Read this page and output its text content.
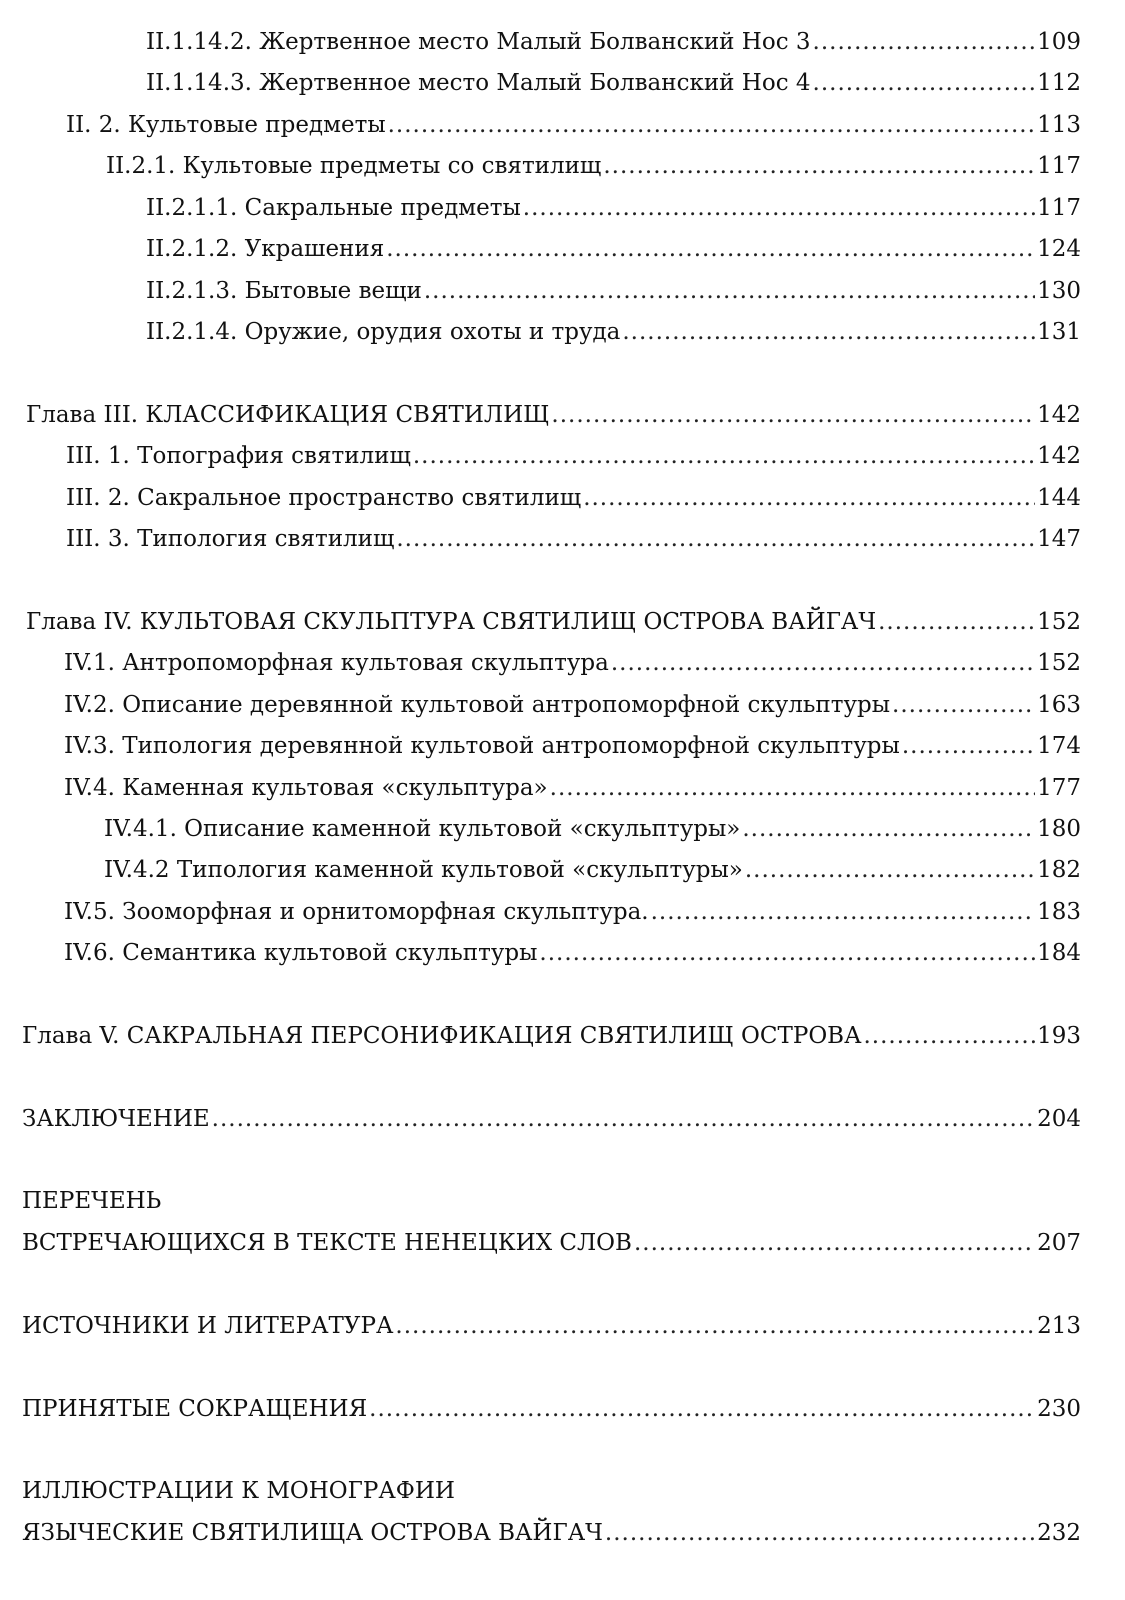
II.1.14.2. Жертвенное место Малый Болванский Нос 3 .....	109
II.1.14.3. Жертвенное место Малый Болванский Нос 4 .....	112
II. 2. Культовые предметы .....	113
II.2.1. Культовые предметы со святилищ .....	117
II.2.1.1. Сакральные предметы .....	117
II.2.1.2. Украшения .....	124
II.2.1.3. Бытовые вещи .....	130
II.2.1.4. Оружие, орудия охоты и труда .....	131
Глава III. КЛАССИФИКАЦИЯ СВЯТИЛИЩ .....	142
III. 1. Топография святилищ .....	142
III. 2. Сакральное пространство святилищ .....	144
III. 3. Типология святилищ .....	147
Глава IV. КУЛЬТОВАЯ СКУЛЬПТУРА СВЯТИЛИЩ ОСТРОВА ВАЙГАЧ .....	152
IV.1. Антропоморфная культовая скульптура .....	152
IV.2. Описание деревянной культовой антропоморфной скульптуры .....	163
IV.3. Типология деревянной культовой антропоморфной скульптуры .....	174
IV.4. Каменная культовая «скульптура» .....	177
IV.4.1. Описание каменной культовой «скульптуры» .....	180
IV.4.2 Типология каменной культовой «скульптуры» .....	182
IV.5. Зооморфная и орнитоморфная скульптура. .....	183
IV.6. Семантика культовой скульптуры .....	184
Глава V. САКРАЛЬНАЯ ПЕРСОНИФИКАЦИЯ СВЯТИЛИЩ ОСТРОВА .....	193
ЗАКЛЮЧЕНИЕ .....	204
ПЕРЕЧЕНЬ
ВСТРЕЧАЮЩИХСЯ В ТЕКСТЕ НЕНЕЦКИХ СЛОВ .....	207
ИСТОЧНИКИ И ЛИТЕРАТУРА .....	213
ПРИНЯТЫЕ СОКРАЩЕНИЯ .....	230
ИЛЛЮСТРАЦИИ К МОНОГРАФИИ
ЯЗЫЧЕСКИЕ СВЯТИЛИЩА ОСТРОВА ВАЙГАЧ .....	232
